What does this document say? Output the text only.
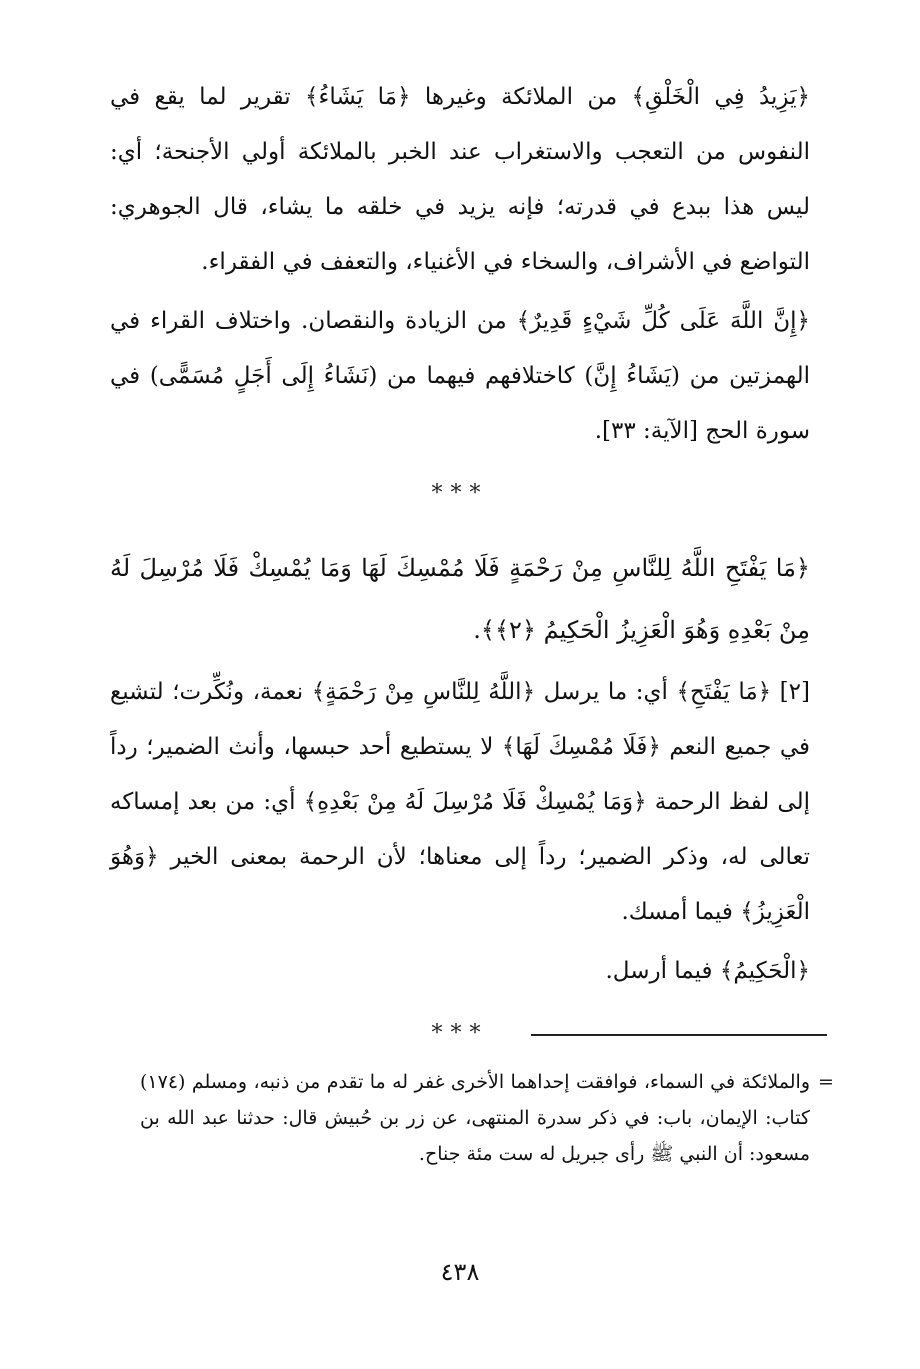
﴿يَزِيدُ فِي الْخَلْقِ﴾ من الملائكة وغيرها ﴿مَا يَشَاءُ﴾ تقرير لما يقع في النفوس من التعجب والاستغراب عند الخبر بالملائكة أولي الأجنحة؛ أي: ليس هذا ببدع في قدرته؛ فإنه يزيد في خلقه ما يشاء، قال الجوهري: التواضع في الأشراف، والسخاء في الأغنياء، والتعفف في الفقراء.

﴿إِنَّ اللَّهَ عَلَى كُلِّ شَيْءٍ قَدِيرٌ﴾ من الزيادة والنقصان. واختلاف القراء في الهمزتين من (يَشَاءُ إِنَّ) كاختلافهم فيهما من (نَشَاءُ إِلَى أَجَلٍ مُسَمًّى) في سورة الحج [الآية: ٣٣].

***

﴿مَا يَفْتَحِ اللَّهُ لِلنَّاسِ مِنْ رَحْمَةٍ فَلَا مُمْسِكَ لَهَا وَمَا يُمْسِكْ فَلَا مُرْسِلَ لَهُ مِنْ بَعْدِهِ وَهُوَ الْعَزِيزُ الْحَكِيمُ ﴿٢﴾﴾.

[٢] ﴿مَا يَفْتَحِ﴾ أي: ما يرسل ﴿اللَّهُ لِلنَّاسِ مِنْ رَحْمَةٍ﴾ نعمة، ونُكِّرت؛ لتشيع في جميع النعم ﴿فَلَا مُمْسِكَ لَهَا﴾ لا يستطيع أحد حبسها، وأنث الضمير؛ رداً إلى لفظ الرحمة ﴿وَمَا يُمْسِكْ فَلَا مُرْسِلَ لَهُ مِنْ بَعْدِهِ﴾ أي: من بعد إمساكه تعالى له، وذكر الضمير؛ رداً إلى معناها؛ لأن الرحمة بمعنى الخير ﴿وَهُوَ الْعَزِيزُ﴾ فيما أمسك.

﴿الْحَكِيمُ﴾ فيما أرسل.

***
=
والملائكة في السماء، فوافقت إحداهما الأخرى غفر له ما تقدم من ذنبه، ومسلم (١٧٤) كتاب: الإيمان، باب: في ذكر سدرة المنتهى، عن زر بن حُبيش قال: حدثنا عبد الله بن مسعود: أن النبي ﷺ رأى جبريل له ست مئة جناح.
٤٣٨
